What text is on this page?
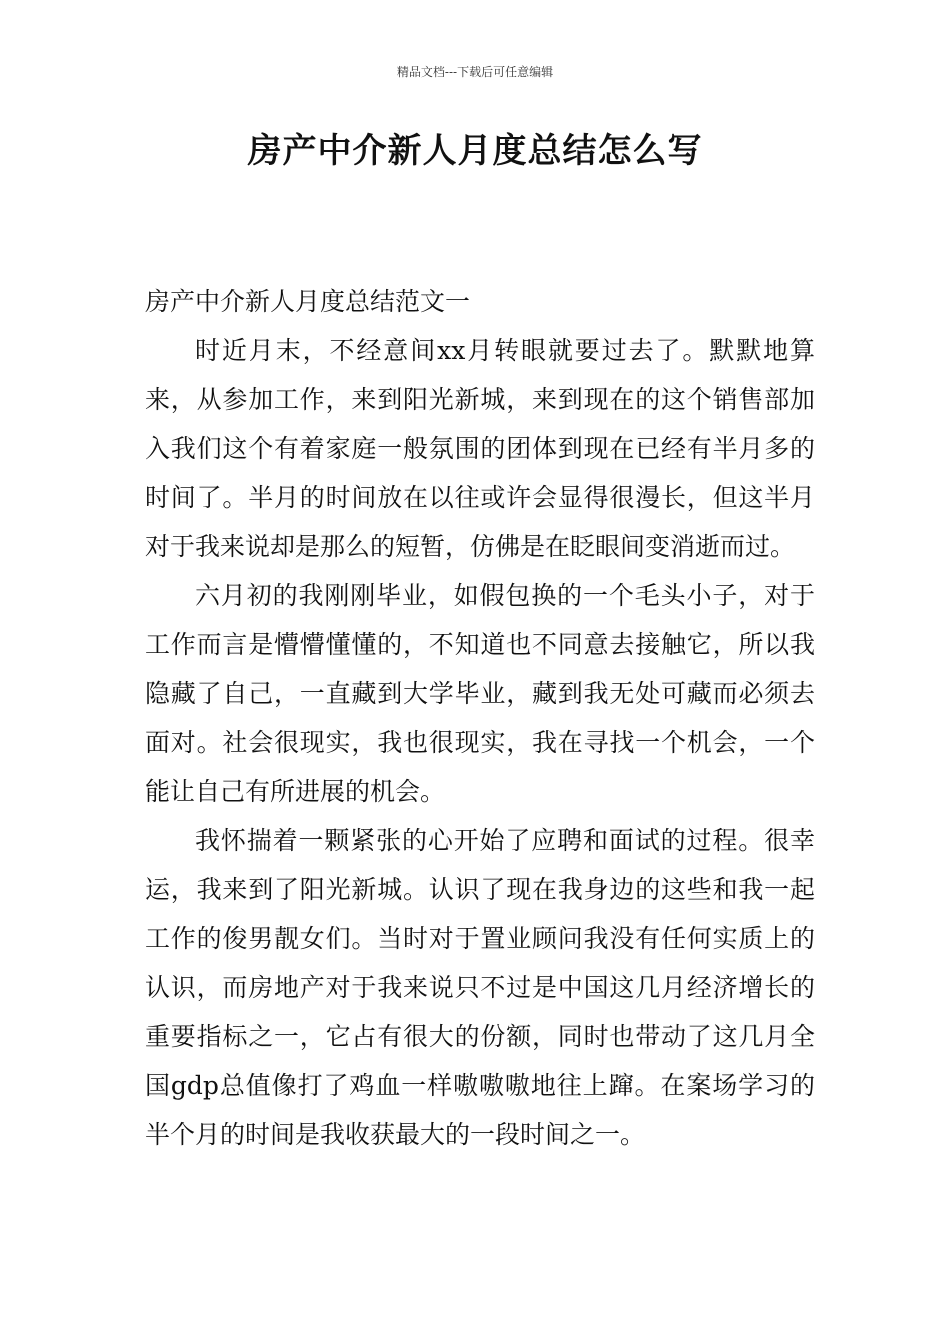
精品文档---下载后可任意编辑
房产中介新人月度总结怎么写

房产中介新人月度总结范文一

时近月末，不经意间xx月转眼就要过去了。默默地算来，从参加工作，来到阳光新城，来到现在的这个销售部加入我们这个有着家庭一般氛围的团体到现在已经有半月多的时间了。半月的时间放在以往或许会显得很漫长，但这半月对于我来说却是那么的短暂，仿佛是在眨眼间变消逝而过。

六月初的我刚刚毕业，如假包换的一个毛头小子，对于工作而言是懵懵懂懂的，不知道也不同意去接触它，所以我隐藏了自己，一直藏到大学毕业，藏到我无处可藏而必须去面对。社会很现实，我也很现实，我在寻找一个机会，一个能让自己有所进展的机会。

我怀揣着一颗紧张的心开始了应聘和面试的过程。很幸运，我来到了阳光新城。认识了现在我身边的这些和我一起工作的俊男靓女们。当时对于置业顾问我没有任何实质上的认识，而房地产对于我来说只不过是中国这几月经济增长的重要指标之一，它占有很大的份额，同时也带动了这几月全国gdp总值像打了鸡血一样嗷嗷嗷地往上蹿。在案场学习的半个月的时间是我收获最大的一段时间之一。
